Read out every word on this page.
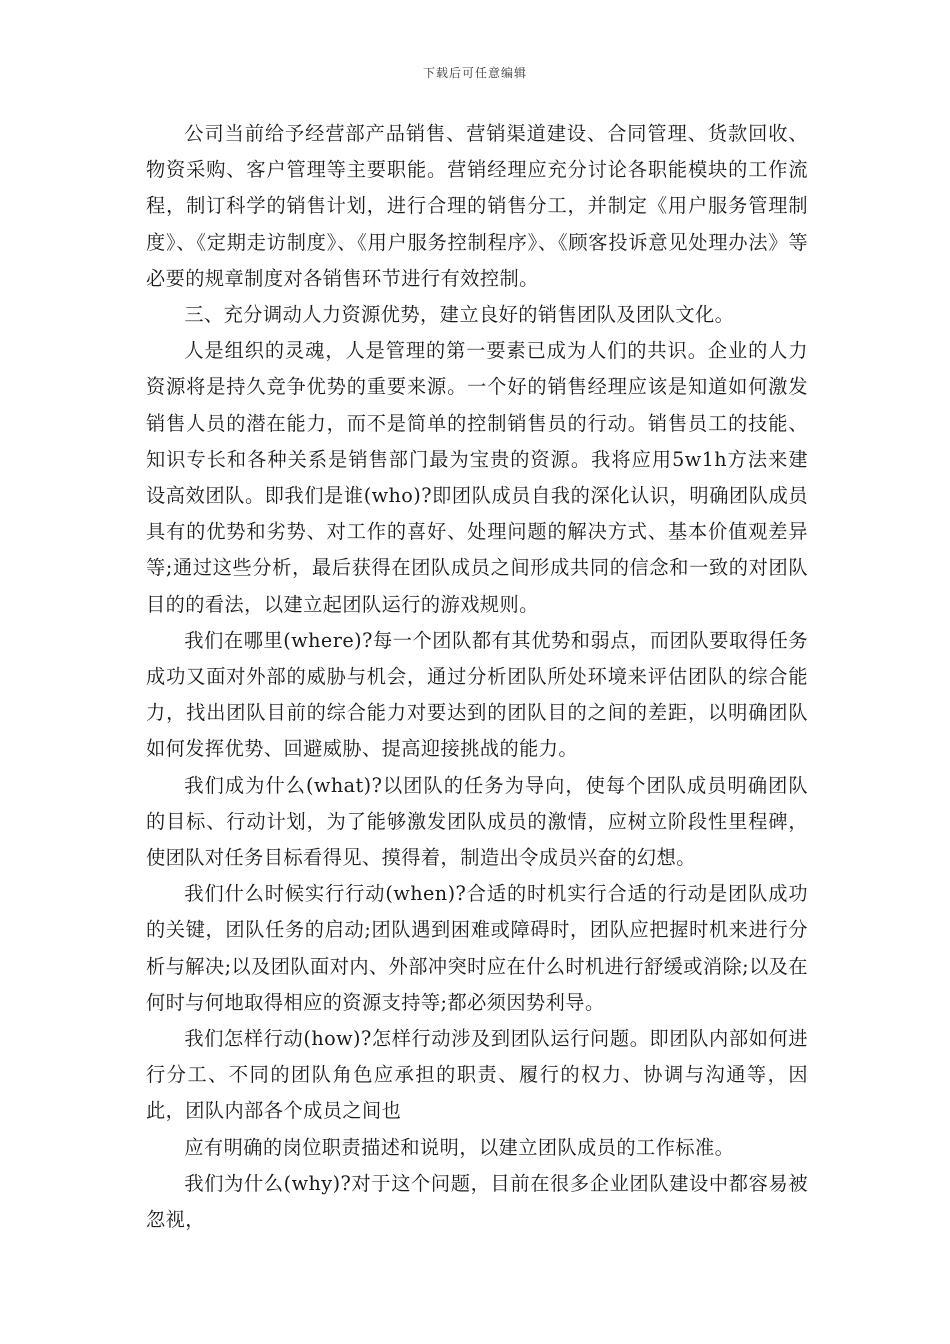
下载后可任意编辑

公司当前给予经营部产品销售、营销渠道建设、合同管理、货款回收、物资采购、客户管理等主要职能。营销经理应充分讨论各职能模块的工作流程，制订科学的销售计划，进行合理的销售分工，并制定《用户服务管理制度》、《定期走访制度》、《用户服务控制程序》、《顾客投诉意见处理办法》等必要的规章制度对各销售环节进行有效控制。

三、充分调动人力资源优势，建立良好的销售团队及团队文化。

人是组织的灵魂，人是管理的第一要素已成为人们的共识。企业的人力资源将是持久竞争优势的重要来源。一个好的销售经理应该是知道如何激发销售人员的潜在能力，而不是简单的控制销售员的行动。销售员工的技能、知识专长和各种关系是销售部门最为宝贵的资源。我将应用5w1h方法来建设高效团队。即我们是谁(who)?即团队成员自我的深化认识，明确团队成员具有的优势和劣势、对工作的喜好、处理问题的解决方式、基本价值观差异等;通过这些分析，最后获得在团队成员之间形成共同的信念和一致的对团队目的的看法，以建立起团队运行的游戏规则。

我们在哪里(where)?每一个团队都有其优势和弱点，而团队要取得任务成功又面对外部的威胁与机会，通过分析团队所处环境来评估团队的综合能力，找出团队目前的综合能力对要达到的团队目的之间的差距，以明确团队如何发挥优势、回避威胁、提高迎接挑战的能力。

我们成为什么(what)?以团队的任务为导向，使每个团队成员明确团队的目标、行动计划，为了能够激发团队成员的激情，应树立阶段性里程碑，使团队对任务目标看得见、摸得着，制造出令成员兴奋的幻想。

我们什么时候实行行动(when)?合适的时机实行合适的行动是团队成功的关键，团队任务的启动;团队遇到困难或障碍时，团队应把握时机来进行分析与解决;以及团队面对内、外部冲突时应在什么时机进行舒缓或消除;以及在何时与何地取得相应的资源支持等;都必须因势利导。

我们怎样行动(how)?怎样行动涉及到团队运行问题。即团队内部如何进行分工、不同的团队角色应承担的职责、履行的权力、协调与沟通等，因此，团队内部各个成员之间也

应有明确的岗位职责描述和说明，以建立团队成员的工作标准。

我们为什么(why)?对于这个问题，目前在很多企业团队建设中都容易被忽视，
